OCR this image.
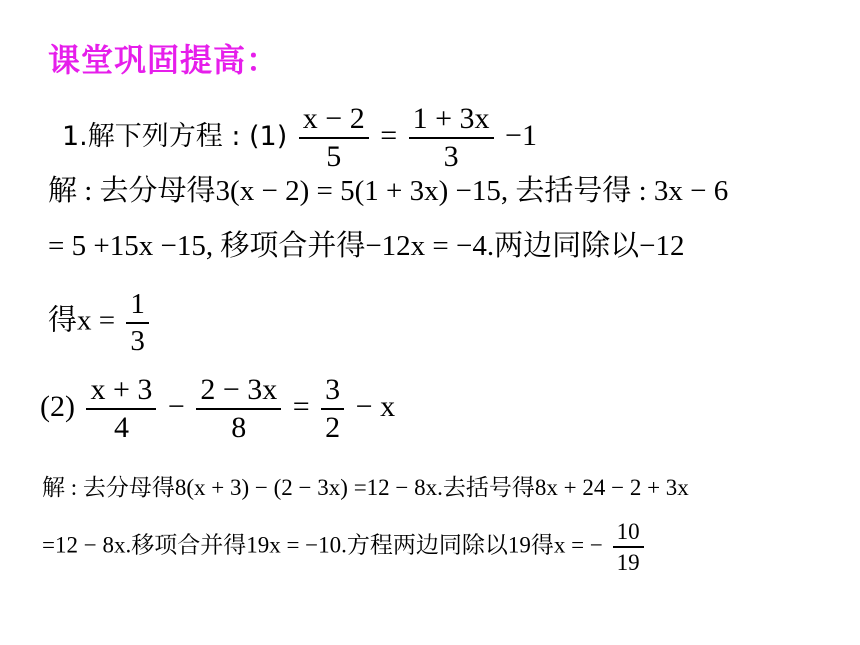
课堂巩固提高：
1.解下列方程 : $(1) \frac{x - 2}{5} = \frac{1 + 3x}{3} -1$
解 : 去分母得3(x − 2) = 5(1 + 3x) −15, 去括号得 : 3x − 6
= 5 +15x −15, 移项合并得−12x = −4.两边同除以−12
得$x = \frac{1}{3}$
$(2) \frac{x + 3}{4} - \frac{2 - 3x}{8} = \frac{3}{2} - x$
解 : 去分母得8(x + 3) − (2 − 3x) =12 − 8x.去括号得8x + 24 − 2 + 3x
=12 − 8x.移项合并得19x = −10.方程两边同除以19得x = − $\frac{10}{19}$
